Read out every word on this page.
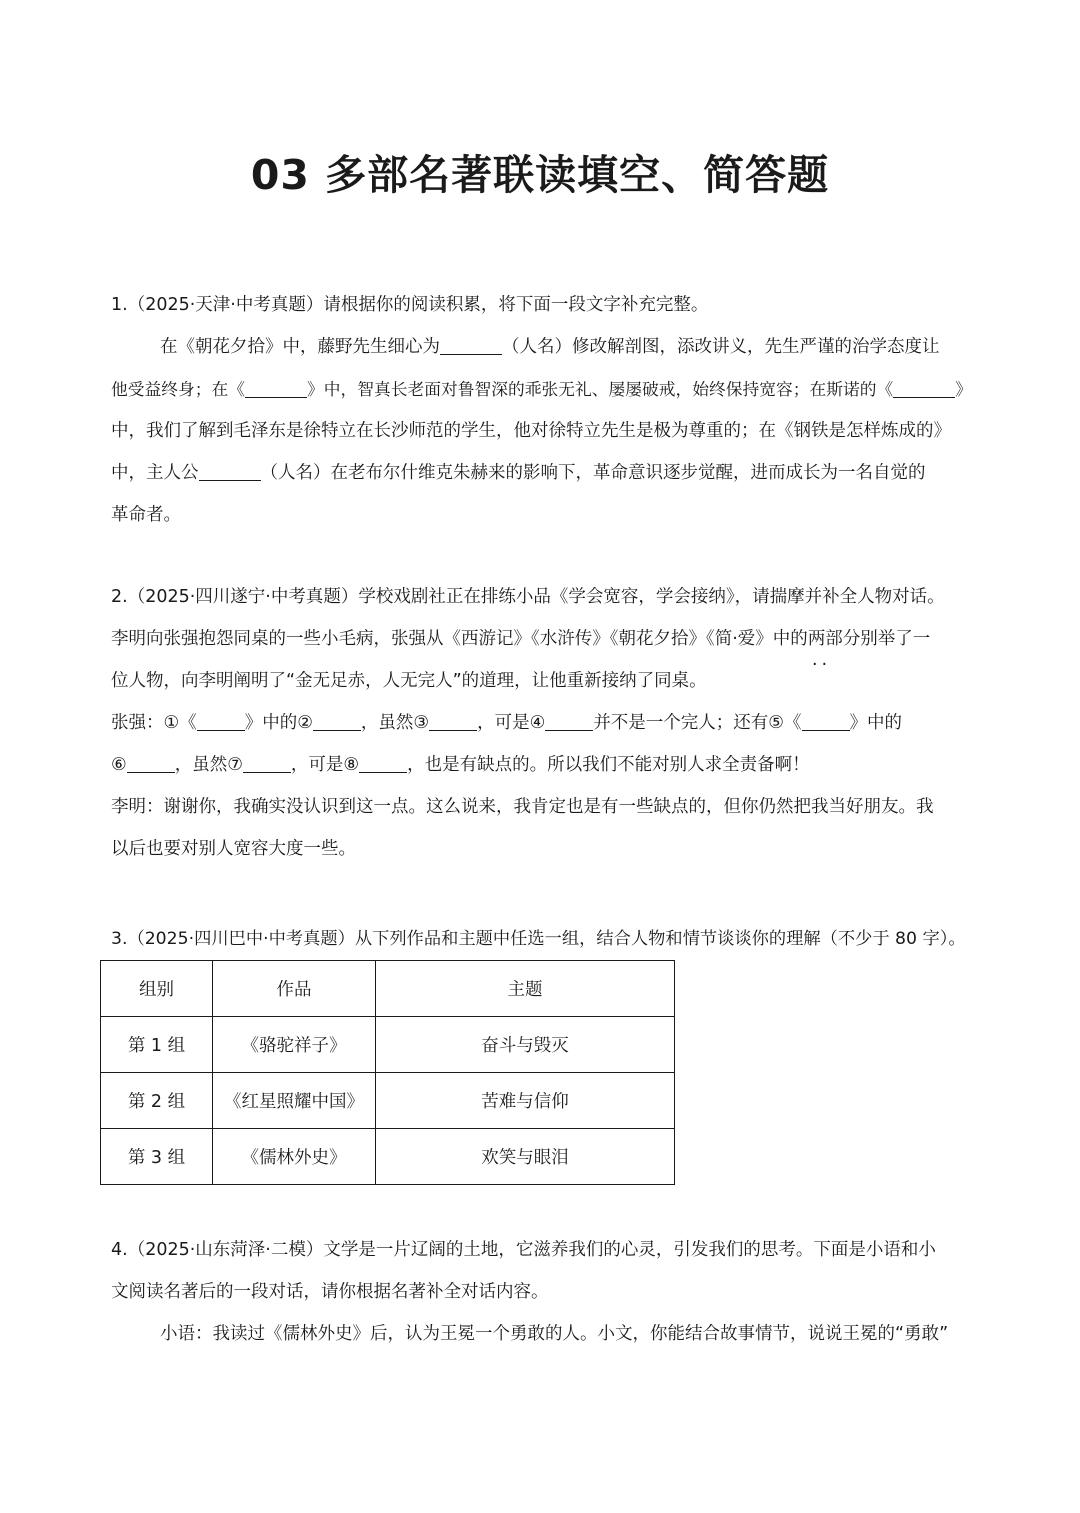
03 多部名著联读填空、简答题
1.（2025·天津·中考真题）请根据你的阅读积累，将下面一段文字补充完整。
在《朝花夕拾》中，藤野先生细心为	（人名）修改解剖图，添改讲义，先生严谨的治学态度让
他受益终身；在《	》中，智真长老面对鲁智深的乖张无礼、屡屡破戒，始终保持宽容；在斯诺的《	》
中，我们了解到毛泽东是徐特立在长沙师范的学生，他对徐特立先生是极为尊重的；在《钢铁是怎样炼成的》
中，主人公	（人名）在老布尔什维克朱赫来的影响下，革命意识逐步觉醒，进而成长为一名自觉的
革命者。
2.（2025·四川遂宁·中考真题）学校戏剧社正在排练小品《学会宽容，学会接纳》，请揣摩并补全人物对话。
李明向张强抱怨同桌的一些小毛病，张强从《西游记》《水浒传》《朝花夕拾》《简·爱》中的两部 ··分别举了一
位人物，向李明阐明了“金无足赤，人无完人”的道理，让他重新接纳了同桌。
张强：①《	》中的②	，虽然③	，可是④	并不是一个完人；还有⑤《	》中的
⑥	，虽然⑦	，可是⑧	，也是有缺点的。所以我们不能对别人求全责备啊！
李明：谢谢你，我确实没认识到这一点。这么说来，我肯定也是有一些缺点的，但你仍然把我当好朋友。我
以后也要对别人宽容大度一些。
3.（2025·四川巴中·中考真题）从下列作品和主题中任选一组，结合人物和情节谈谈你的理解（不少于 80 字）。
组别	作品	主题
第 1 组	《骆驼祥子》	奋斗与毁灭
第 2 组	《红星照耀中国》	苦难与信仰
第 3 组	《儒林外史》	欢笑与眼泪
4.（2025·山东菏泽·二模）文学是一片辽阔的土地，它滋养我们的心灵，引发我们的思考。下面是小语和小
文阅读名著后的一段对话，请你根据名著补全对话内容。
小语：我读过《儒林外史》后，认为王冕一个勇敢的人。小文，你能结合故事情节，说说王冕的“勇敢”
